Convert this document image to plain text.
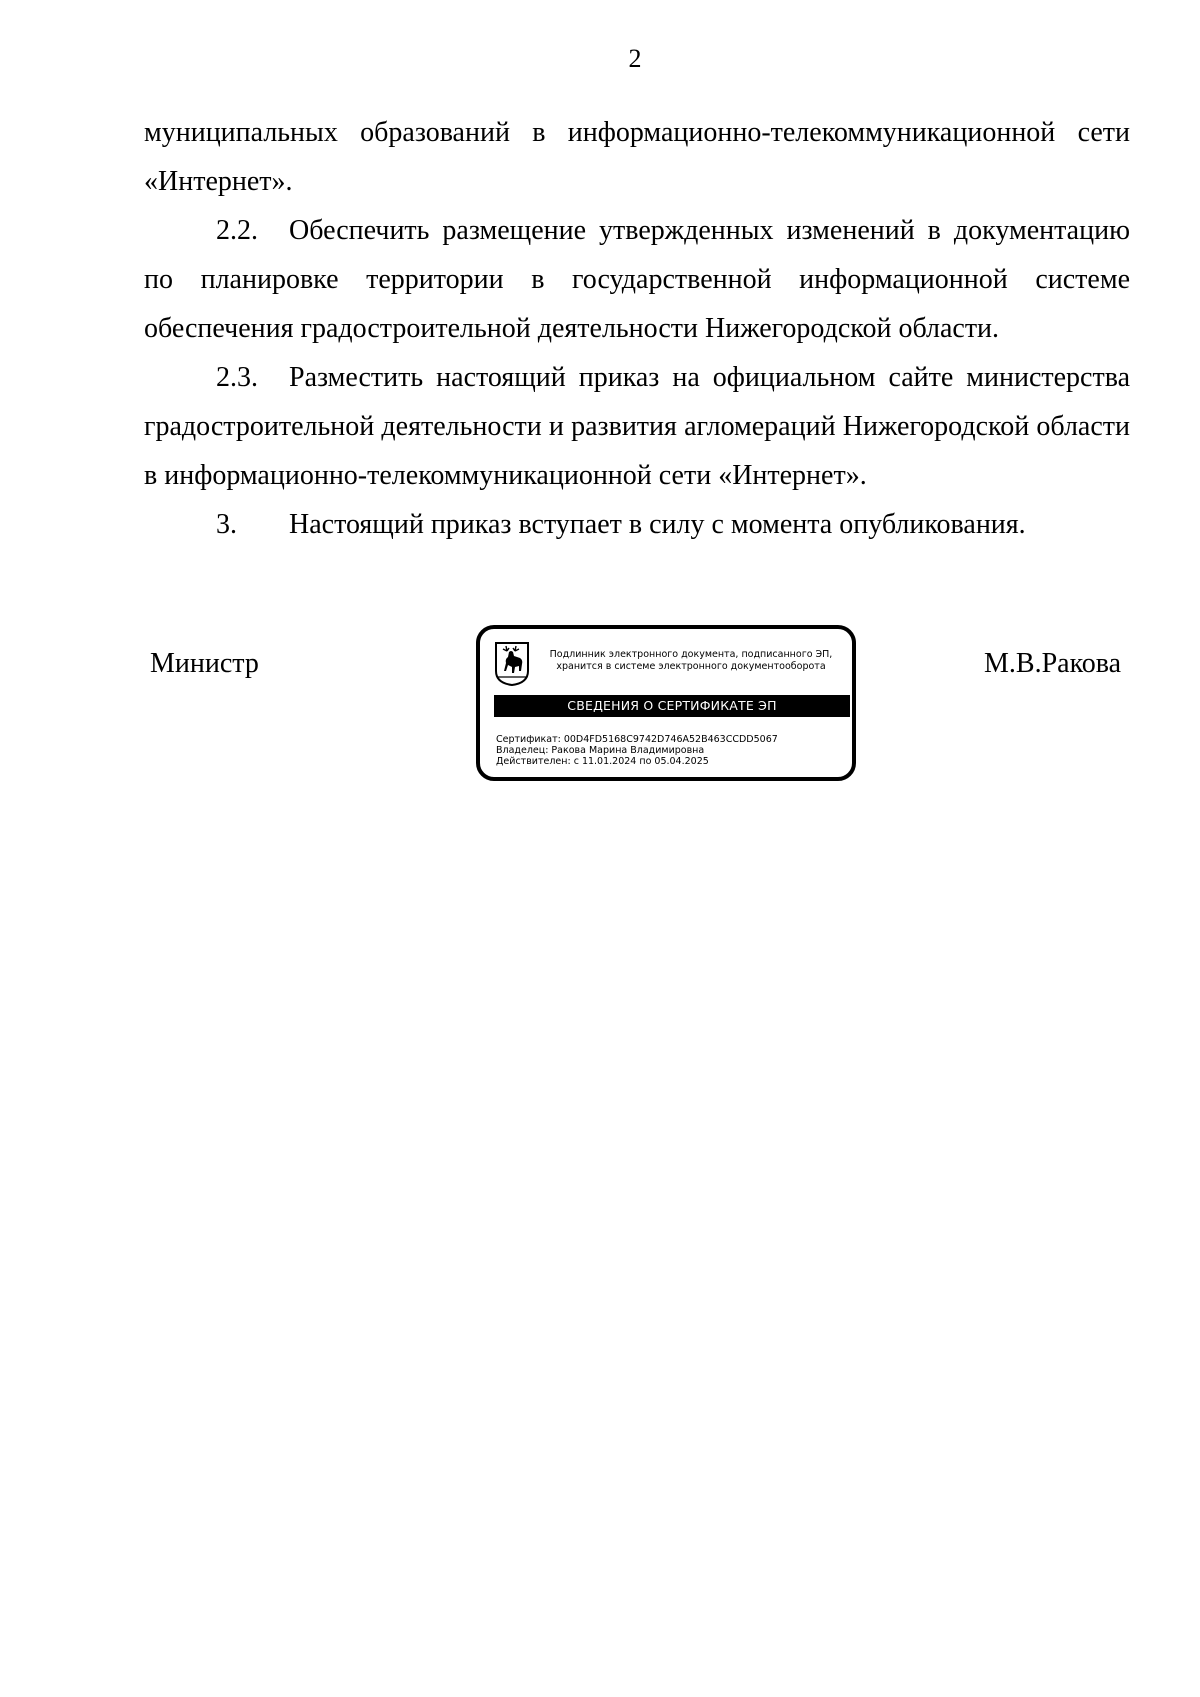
2

муниципальных образований в информационно-телекоммуникационной сети «Интернет».

2.2. Обеспечить размещение утвержденных изменений в документацию по планировке территории в государственной информационной системе обеспечения градостроительной деятельности Нижегородской области.

2.3. Разместить настоящий приказ на официальном сайте министерства градостроительной деятельности и развития агломераций Нижегородской области в информационно-телекоммуникационной сети «Интернет».

3. Настоящий приказ вступает в силу с момента опубликования.

Министр	М.В.Ракова
Подлинник электронного документа, подписанного ЭП,
хранится в системе электронного документооборота
СВЕДЕНИЯ О СЕРТИФИКАТЕ ЭП
Сертификат: 00D4FD5168C9742D746A52B463CCDD5067
Владелец: Ракова Марина Владимировна
Действителен: с 11.01.2024 по 05.04.2025
